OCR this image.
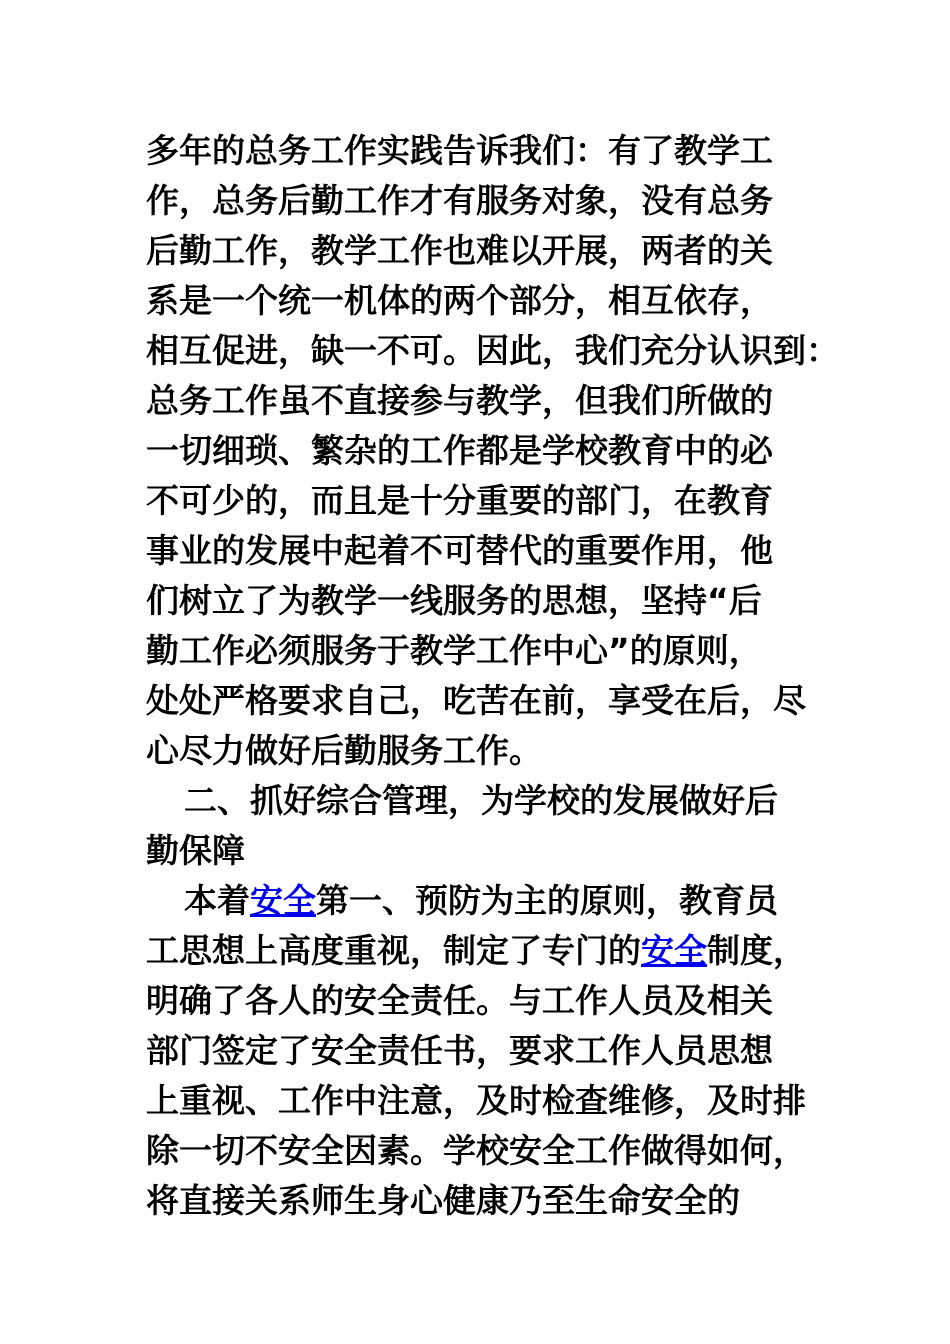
多年的总务工作实践告诉我们：有了教学工
作，总务后勤工作才有服务对象，没有总务
后勤工作，教学工作也难以开展，两者的关
系是一个统一机体的两个部分，相互依存，
相互促进，缺一不可。因此，我们充分认识到：
总务工作虽不直接参与教学，但我们所做的
一切细琐、繁杂的工作都是学校教育中的必
不可少的，而且是十分重要的部门，在教育
事业的发展中起着不可替代的重要作用，他
们树立了为教学一线服务的思想，坚持“后
勤工作必须服务于教学工作中心”的原则，
处处严格要求自己，吃苦在前，享受在后，尽
心尽力做好后勤服务工作。
二、抓好综合管理，为学校的发展做好后
勤保障
本着安全第一、预防为主的原则，教育员
工思想上高度重视，制定了专门的安全制度，
明确了各人的安全责任。与工作人员及相关
部门签定了安全责任书，要求工作人员思想
上重视、工作中注意，及时检查维修，及时排
除一切不安全因素。学校安全工作做得如何，
将直接关系师生身心健康乃至生命安全的
